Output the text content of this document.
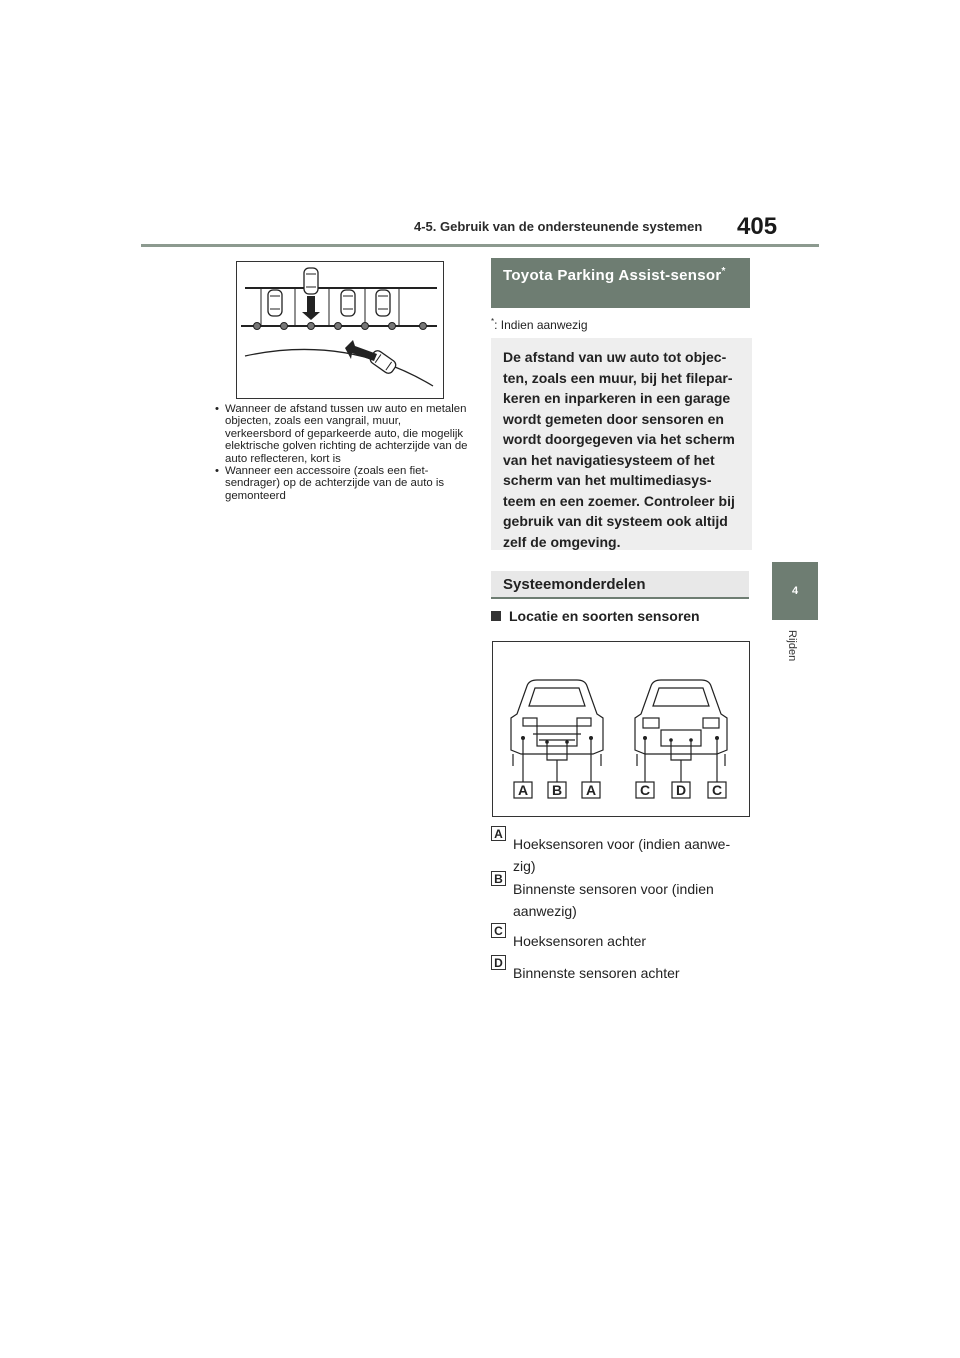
4-5. Gebruik van de ondersteunende systemen 405
4
Rijden
• Wanneer de afstand tussen uw auto en metalen objecten, zoals een vangrail, muur, verkeersbord of geparkeerde auto, die mogelijk elektrische golven richting de achterzijde van de auto reflecteren, kort is
• Wanneer een accessoire (zoals een fiet-sendrager) op de achterzijde van de auto is gemonteerd
Toyota Parking Assist-sensor*
*: Indien aanwezig
De afstand van uw auto tot objec-ten, zoals een muur, bij het filepar-keren en inparkeren in een garage wordt gemeten door sensoren en wordt doorgegeven via het scherm van het navigatiesysteem of het scherm van het multimediasys-teem en een zoemer. Controleer bij gebruik van dit systeem ook altijd zelf de omgeving.
Systeemonderdelen
Locatie en soorten sensoren
A B A	C D C
A
Hoeksensoren voor (indien aanwe-zig)
B
Binnenste sensoren voor (indien aanwezig)
C
Hoeksensoren achter
D
Binnenste sensoren achter
